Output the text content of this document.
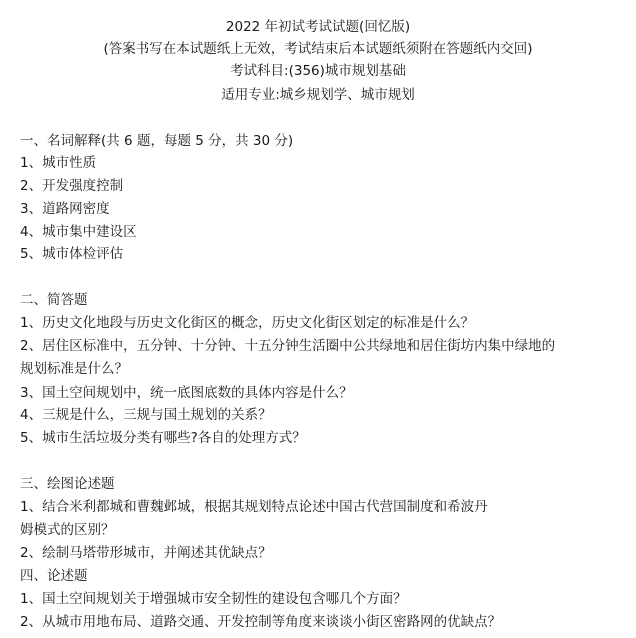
2022 年初试考试试题(回忆版)
(答案书写在本试题纸上无效，考试结束后本试题纸须附在答题纸内交回)
考试科目:(356)城市规划基础
适用专业:城乡规划学、城市规划
一、名词解释(共 6 题，每题 5 分，共 30 分)
1、城市性质
2、开发强度控制
3、道路网密度
4、城市集中建设区
5、城市体检评估
二、简答题
1、历史文化地段与历史文化街区的概念，历史文化街区划定的标准是什么？
2、居住区标准中，五分钟、十分钟、十五分钟生活圈中公共绿地和居住街坊内集中绿地的
规划标准是什么？
3、国土空间规划中，统一底图底数的具体内容是什么？
4、三规是什么，三规与国土规划的关系？
5、城市生活垃圾分类有哪些?各自的处理方式？
三、绘图论述题
1、结合米利都城和曹魏邺城，根据其规划特点论述中国古代营国制度和希波丹
姆模式的区别？
2、绘制马塔带形城市，并阐述其优缺点？
四、论述题
1、国土空间规划关于增强城市安全韧性的建设包含哪几个方面？
2、从城市用地布局、道路交通、开发控制等角度来谈谈小街区密路网的优缺点？
